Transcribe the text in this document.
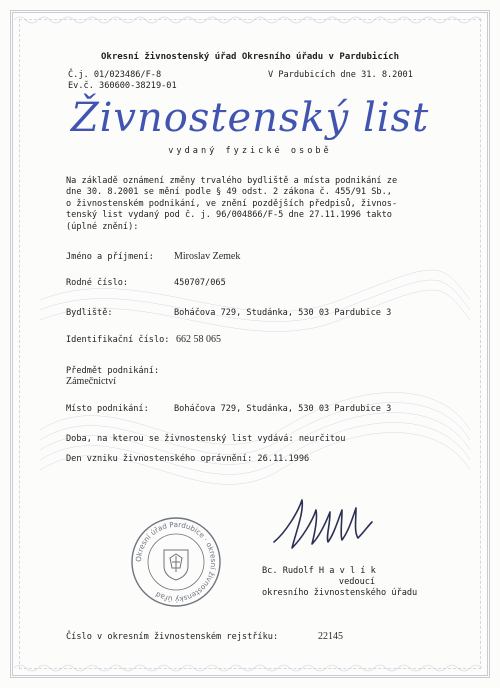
Okresní živnostenský úřad Okresního úřadu v Pardubicích
Č.j. 01/023486/F-8
Ev.č. 360600-38219-01
V Pardubicích dne 31. 8.2001
Živnostenský list
vydaný fyzické osobě
Na základě oznámení změny trvalého bydliště a místa podnikání ze
dne 30. 8.2001 se mění podle § 49 odst. 2 zákona č. 455/91 Sb.,
o živnostenském podnikání, ve znění pozdějších předpisů, živnos-
tenský list vydaný pod č. j. 96/004866/F-5 dne 27.11.1996 takto
(úplné znění):
Jméno a příjmení: Miroslav Zemek
Rodné číslo:	450707/065
Bydliště:	Boháčova 729, Studánka, 530 03 Pardubice 3
Identifikační číslo: 662 58 065
Předmět podnikání:
Zámečnictví
Místo podnikání:	Boháčova 729, Studánka, 530 03 Pardubice 3
Doba, na kterou se živnostenský list vydává: neurčitou
Den vzniku živnostenského oprávnění: 26.11.1996
Okresní úřad Pardubice · okresní živnostenský úřad
Bc. Rudolf H a v l í k
vedoucí
okresního živnostenského úřadu
Číslo v okresním živnostenském rejstříku:	22145
